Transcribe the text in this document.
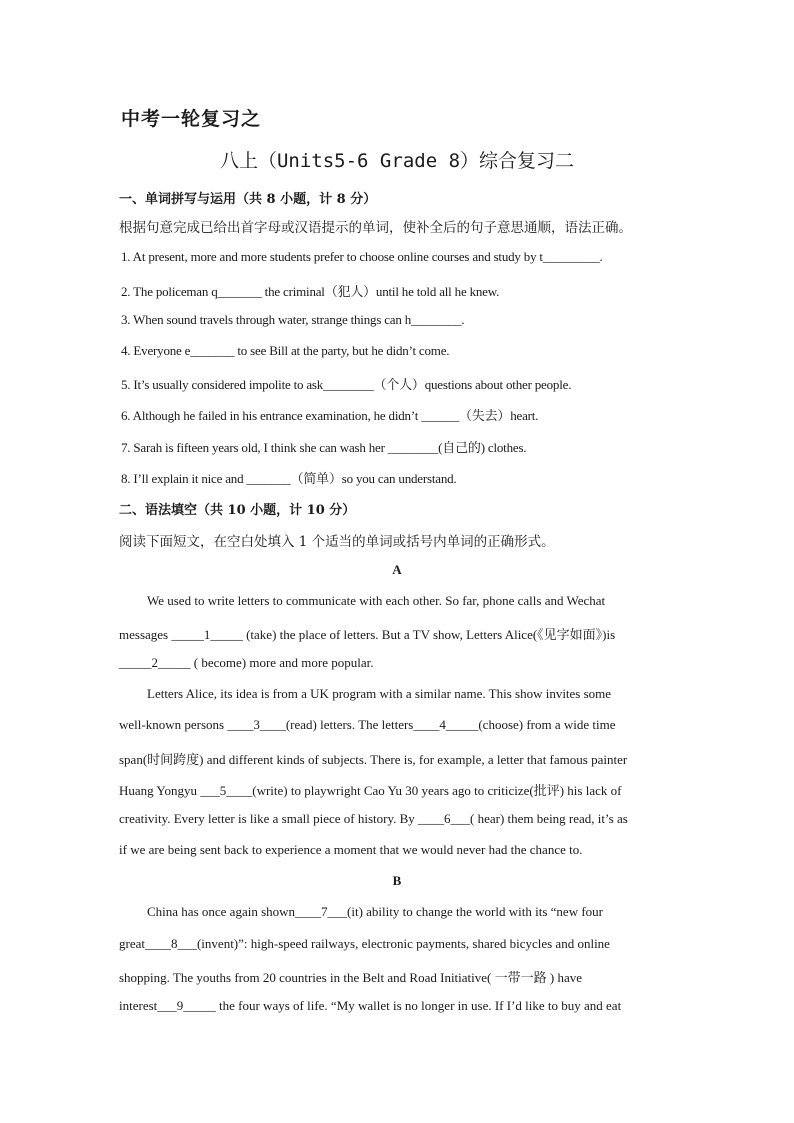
中考一轮复习之
八上（Units5-6 Grade 8）综合复习二
一、单词拼写与运用（共 8 小题，计 8 分）
根据句意完成已给出首字母或汉语提示的单词，使补全后的句子意思通顺，语法正确。
1. At present, more and more students prefer to choose online courses and study by t_________.
2. The policeman q_______ the criminal（犯人）until he told all he knew.
3. When sound travels through water, strange things can h________.
4. Everyone e_______ to see Bill at the party, but he didn’t come.
5. It’s usually considered impolite to ask________（个人）questions about other people.
6. Although he failed in his entrance examination, he didn’t ______（失去）heart.
7. Sarah is fifteen years old, I think she can wash her ________(自己的) clothes.
8. I’ll explain it nice and _______（简单）so you can understand.
二、语法填空（共 10 小题，计 10 分）
阅读下面短文，在空白处填入 1 个适当的单词或括号内单词的正确形式。
A
We used to write letters to communicate with each other. So far, phone calls and Wechat
messages _____1_____ (take) the place of letters. But a TV show, Letters Alice(《见字如面》)is
_____2_____ ( become) more and more popular.
Letters Alice, its idea is from a UK program with a similar name. This show invites some
well-known persons ____3____(read) letters. The letters____4_____(choose) from a wide time
span(时间跨度) and different kinds of subjects. There is, for example, a letter that famous painter
Huang Yongyu ___5____(write) to playwright Cao Yu 30 years ago to criticize(批评) his lack of
creativity. Every letter is like a small piece of history. By ____6___( hear) them being read, it’s as
if we are being sent back to experience a moment that we would never had the chance to.
B
China has once again shown____7___(it) ability to change the world with its “new four
great____8___(invent)”: high-speed railways, electronic payments, shared bicycles and online
shopping. The youths from 20 countries in the Belt and Road Initiative( 一带一路 ) have
interest___9_____ the four ways of life. “My wallet is no longer in use. If I’d like to buy and eat
